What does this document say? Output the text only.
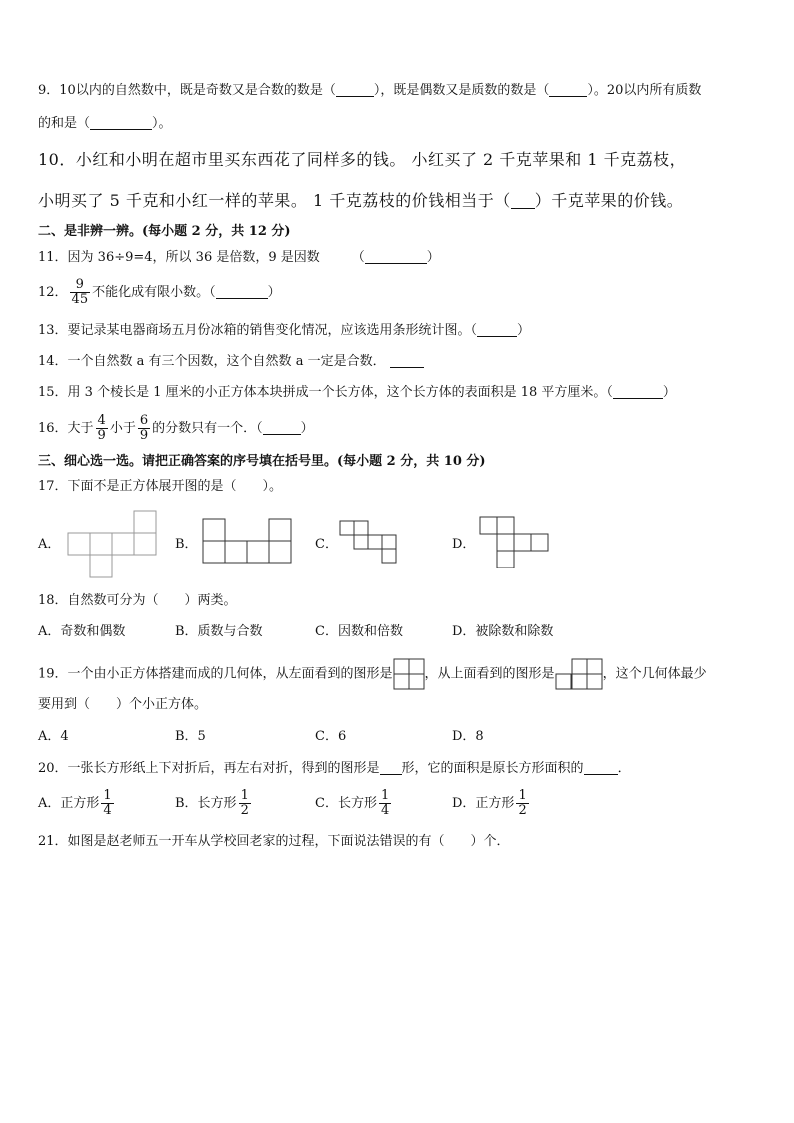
9．10以内的自然数中，既是奇数又是合数的数是（	），既是偶数又是质数的数是（	）。20以内所有质数
的和是（	）。
10．小红和小明在超市里买东西花了同样多的钱。 小红买了 2 千克苹果和 1 千克荔枝，
小明买了 5 千克和小红一样的苹果。 1 千克荔枝的价钱相当于（ ）千克苹果的价钱。
二、是非辨一辨。(每小题 2 分，共 12 分)
11．因为 36÷9=4，所以 36 是倍数，9 是因数 （	）
12． $\frac{9}{45}$ 不能化成有限小数。（	）
13．要记录某电器商场五月份冰箱的销售变化情况，应该选用条形统计图。（	）
14．一个自然数 a 有三个因数，这个自然数 a 一定是合数．
15．用 3 个棱长是 1 厘米的小正方体本块拼成一个长方体，这个长方体的表面积是 18 平方厘米。（	）
16．大于 $\frac{4}{9}$ 小于 $\frac{6}{9}$ 的分数只有一个．（	）
三、细心选一选。请把正确答案的序号填在括号里。(每小题 2 分，共 10 分)
17．下面不是正方体展开图的是（　　）。
A．	B．	C．	D．
18．自然数可分为（　　）两类。
A．奇数和偶数	B．质数与合数	C．因数和倍数	D．被除数和除数
19．一个由小正方体搭建而成的几何体，从左面看到的图形是 ，从上面看到的图形是	，这个几何体最少
要用到（　　）个小正方体。
A．4	B．5	C．6	D．8
20．一张长方形纸上下对折后，再左右对折，得到的图形是 形，它的面积是原长方形面积的	．
A．正方形 $\frac{1}{4}$	B．长方形 $\frac{1}{2}$	C．长方形 $\frac{1}{4}$	D．正方形 $\frac{1}{2}$
21．如图是赵老师五一开车从学校回老家的过程，下面说法错误的有（　　）个．
